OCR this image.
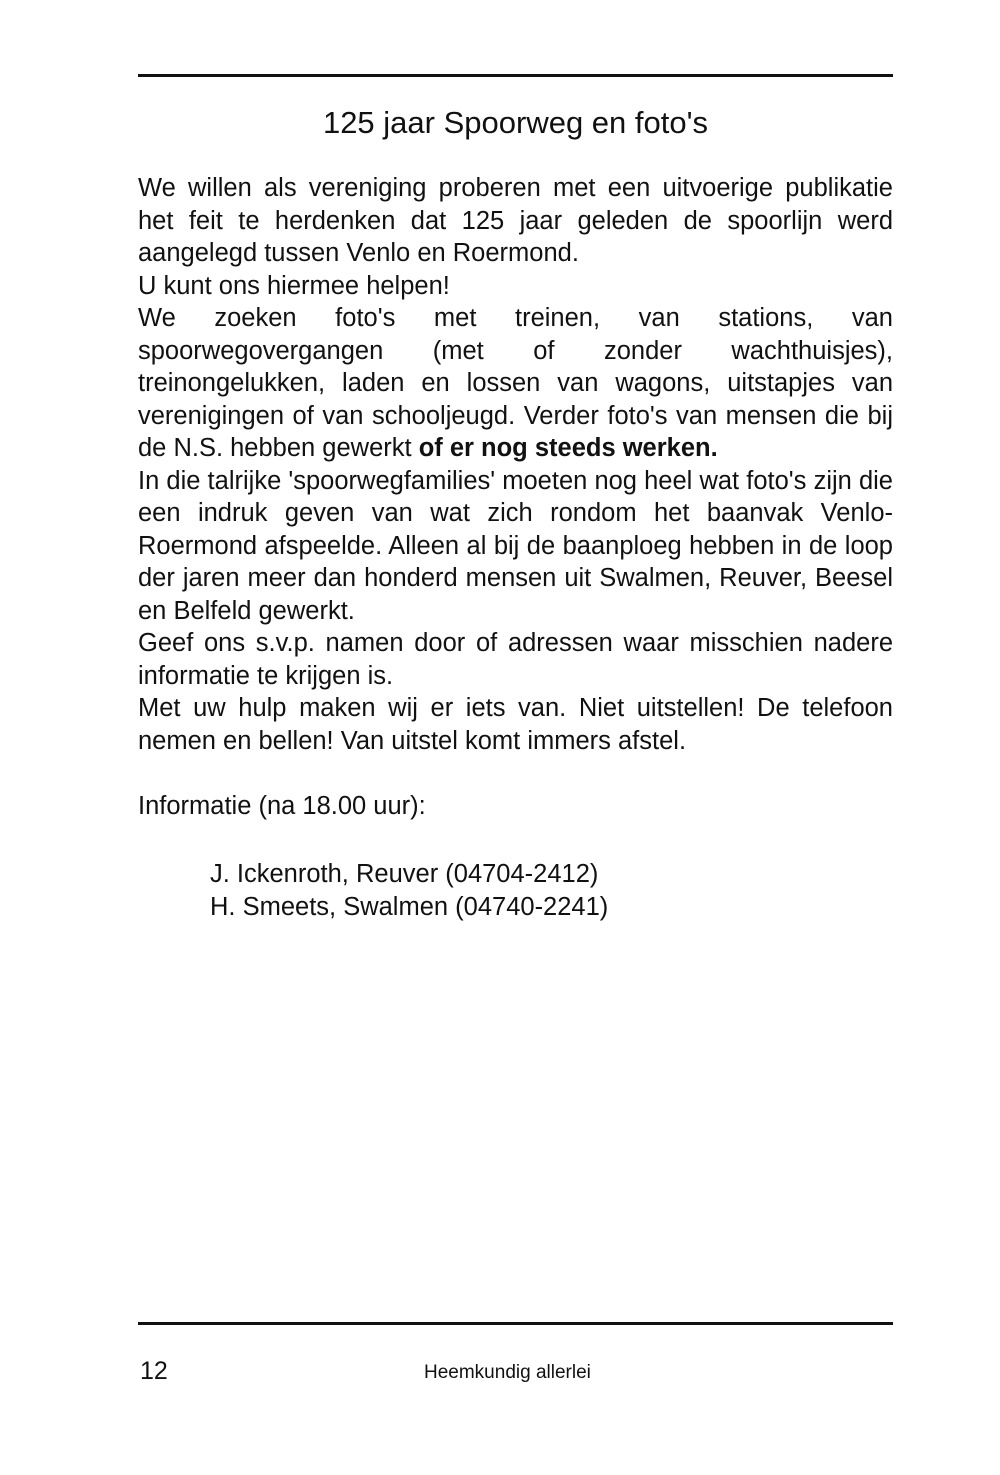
125 jaar Spoorweg en foto's

We willen als vereniging proberen met een uitvoerige publikatie het feit te herdenken dat 125 jaar geleden de spoorlijn werd aangelegd tussen Venlo en Roermond.

U kunt ons hiermee helpen!

We zoeken foto's met treinen, van stations, van spoorwegovergangen (met of zonder wachthuisjes), treinongelukken, laden en lossen van wagons, uitstapjes van verenigingen of van schooljeugd. Verder foto's van mensen die bij de N.S. hebben gewerkt of er nog steeds werken.

In die talrijke 'spoorwegfamilies' moeten nog heel wat foto's zijn die een indruk geven van wat zich rondom het baanvak Venlo-Roermond afspeelde. Alleen al bij de baanploeg hebben in de loop der jaren meer dan honderd mensen uit Swalmen, Reuver, Beesel en Belfeld gewerkt.

Geef ons s.v.p. namen door of adressen waar misschien nadere informatie te krijgen is.

Met uw hulp maken wij er iets van. Niet uitstellen! De telefoon nemen en bellen! Van uitstel komt immers afstel.

Informatie (na 18.00 uur):

J. Ickenroth, Reuver (04704-2412)
H. Smeets, Swalmen (04740-2241)
12	Heemkundig allerlei
